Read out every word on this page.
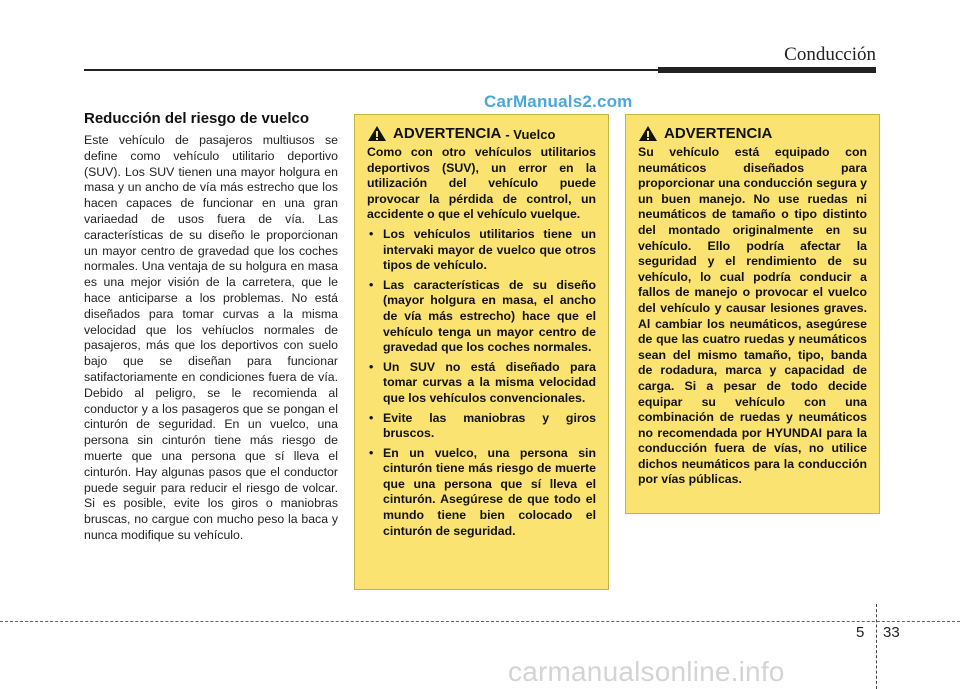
Conducción
CarManuals2.com
Reducción del riesgo de vuelco

Este vehículo de pasajeros multiusos se define como vehículo utilitario deportivo (SUV). Los SUV tienen una mayor holgura en masa y un ancho de vía más estrecho que los hacen capaces de funcionar en una gran variaedad de usos fuera de vía. Las características de su diseño le proporcionan un mayor centro de gravedad que los coches normales. Una ventaja de su holgura en masa es una mejor visión de la carretera, que le hace anticiparse a los problemas. No está diseñados para tomar curvas a la misma velocidad que los vehíuclos normales de pasajeros, más que los deportivos con suelo bajo que se diseñan para funcionar satifactoriamente en condiciones fuera de vía. Debido al peligro, se le recomienda al conductor y a los pasageros que se pongan el cinturón de seguridad. En un vuelco, una persona sin cinturón tiene más riesgo de muerte que una persona que sí lleva el cinturón. Hay algunas pasos que el conductor puede seguir para reducir el riesgo de volcar. Si es posible, evite los giros o maniobras bruscas, no cargue con mucho peso la baca y nunca modifique su vehículo.

ADVERTENCIA - Vuelco

Como con otro vehículos utilitarios deportivos (SUV), un error en la utilización del vehículo puede provocar la pérdida de control, un accidente o que el vehículo vuelque.

• Los vehículos utilitarios tiene un intervaki mayor de vuelco que otros tipos de vehículo.
• Las características de su diseño (mayor holgura en masa, el ancho de vía más estrecho) hace que el vehículo tenga un mayor centro de gravedad que los coches normales.
• Un SUV no está diseñado para tomar curvas a la misma velocidad que los vehículos convencionales.
• Evite las maniobras y giros bruscos.
• En un vuelco, una persona sin cinturón tiene más riesgo de muerte que una persona que sí lleva el cinturón. Asegúrese de que todo el mundo tiene bien colocado el cinturón de seguridad.
ADVERTENCIA

Su vehículo está equipado con neumáticos diseñados para proporcionar una conducción segura y un buen manejo. No use ruedas ni neumáticos de tamaño o tipo distinto del montado originalmente en su vehículo. Ello podría afectar la seguridad y el rendimiento de su vehículo, lo cual podría conducir a fallos de manejo o provocar el vuelco del vehículo y causar lesiones graves. Al cambiar los neumáticos, asegúrese de que las cuatro ruedas y neumáticos sean del mismo tamaño, tipo, banda de rodadura, marca y capacidad de carga. Si a pesar de todo decide equipar su vehículo con una combinación de ruedas y neumáticos no recomendada por HYUNDAI para la conducción fuera de vías, no utilice dichos neumáticos para la conducción por vías públicas.

5 33
carmanualsonline.info
